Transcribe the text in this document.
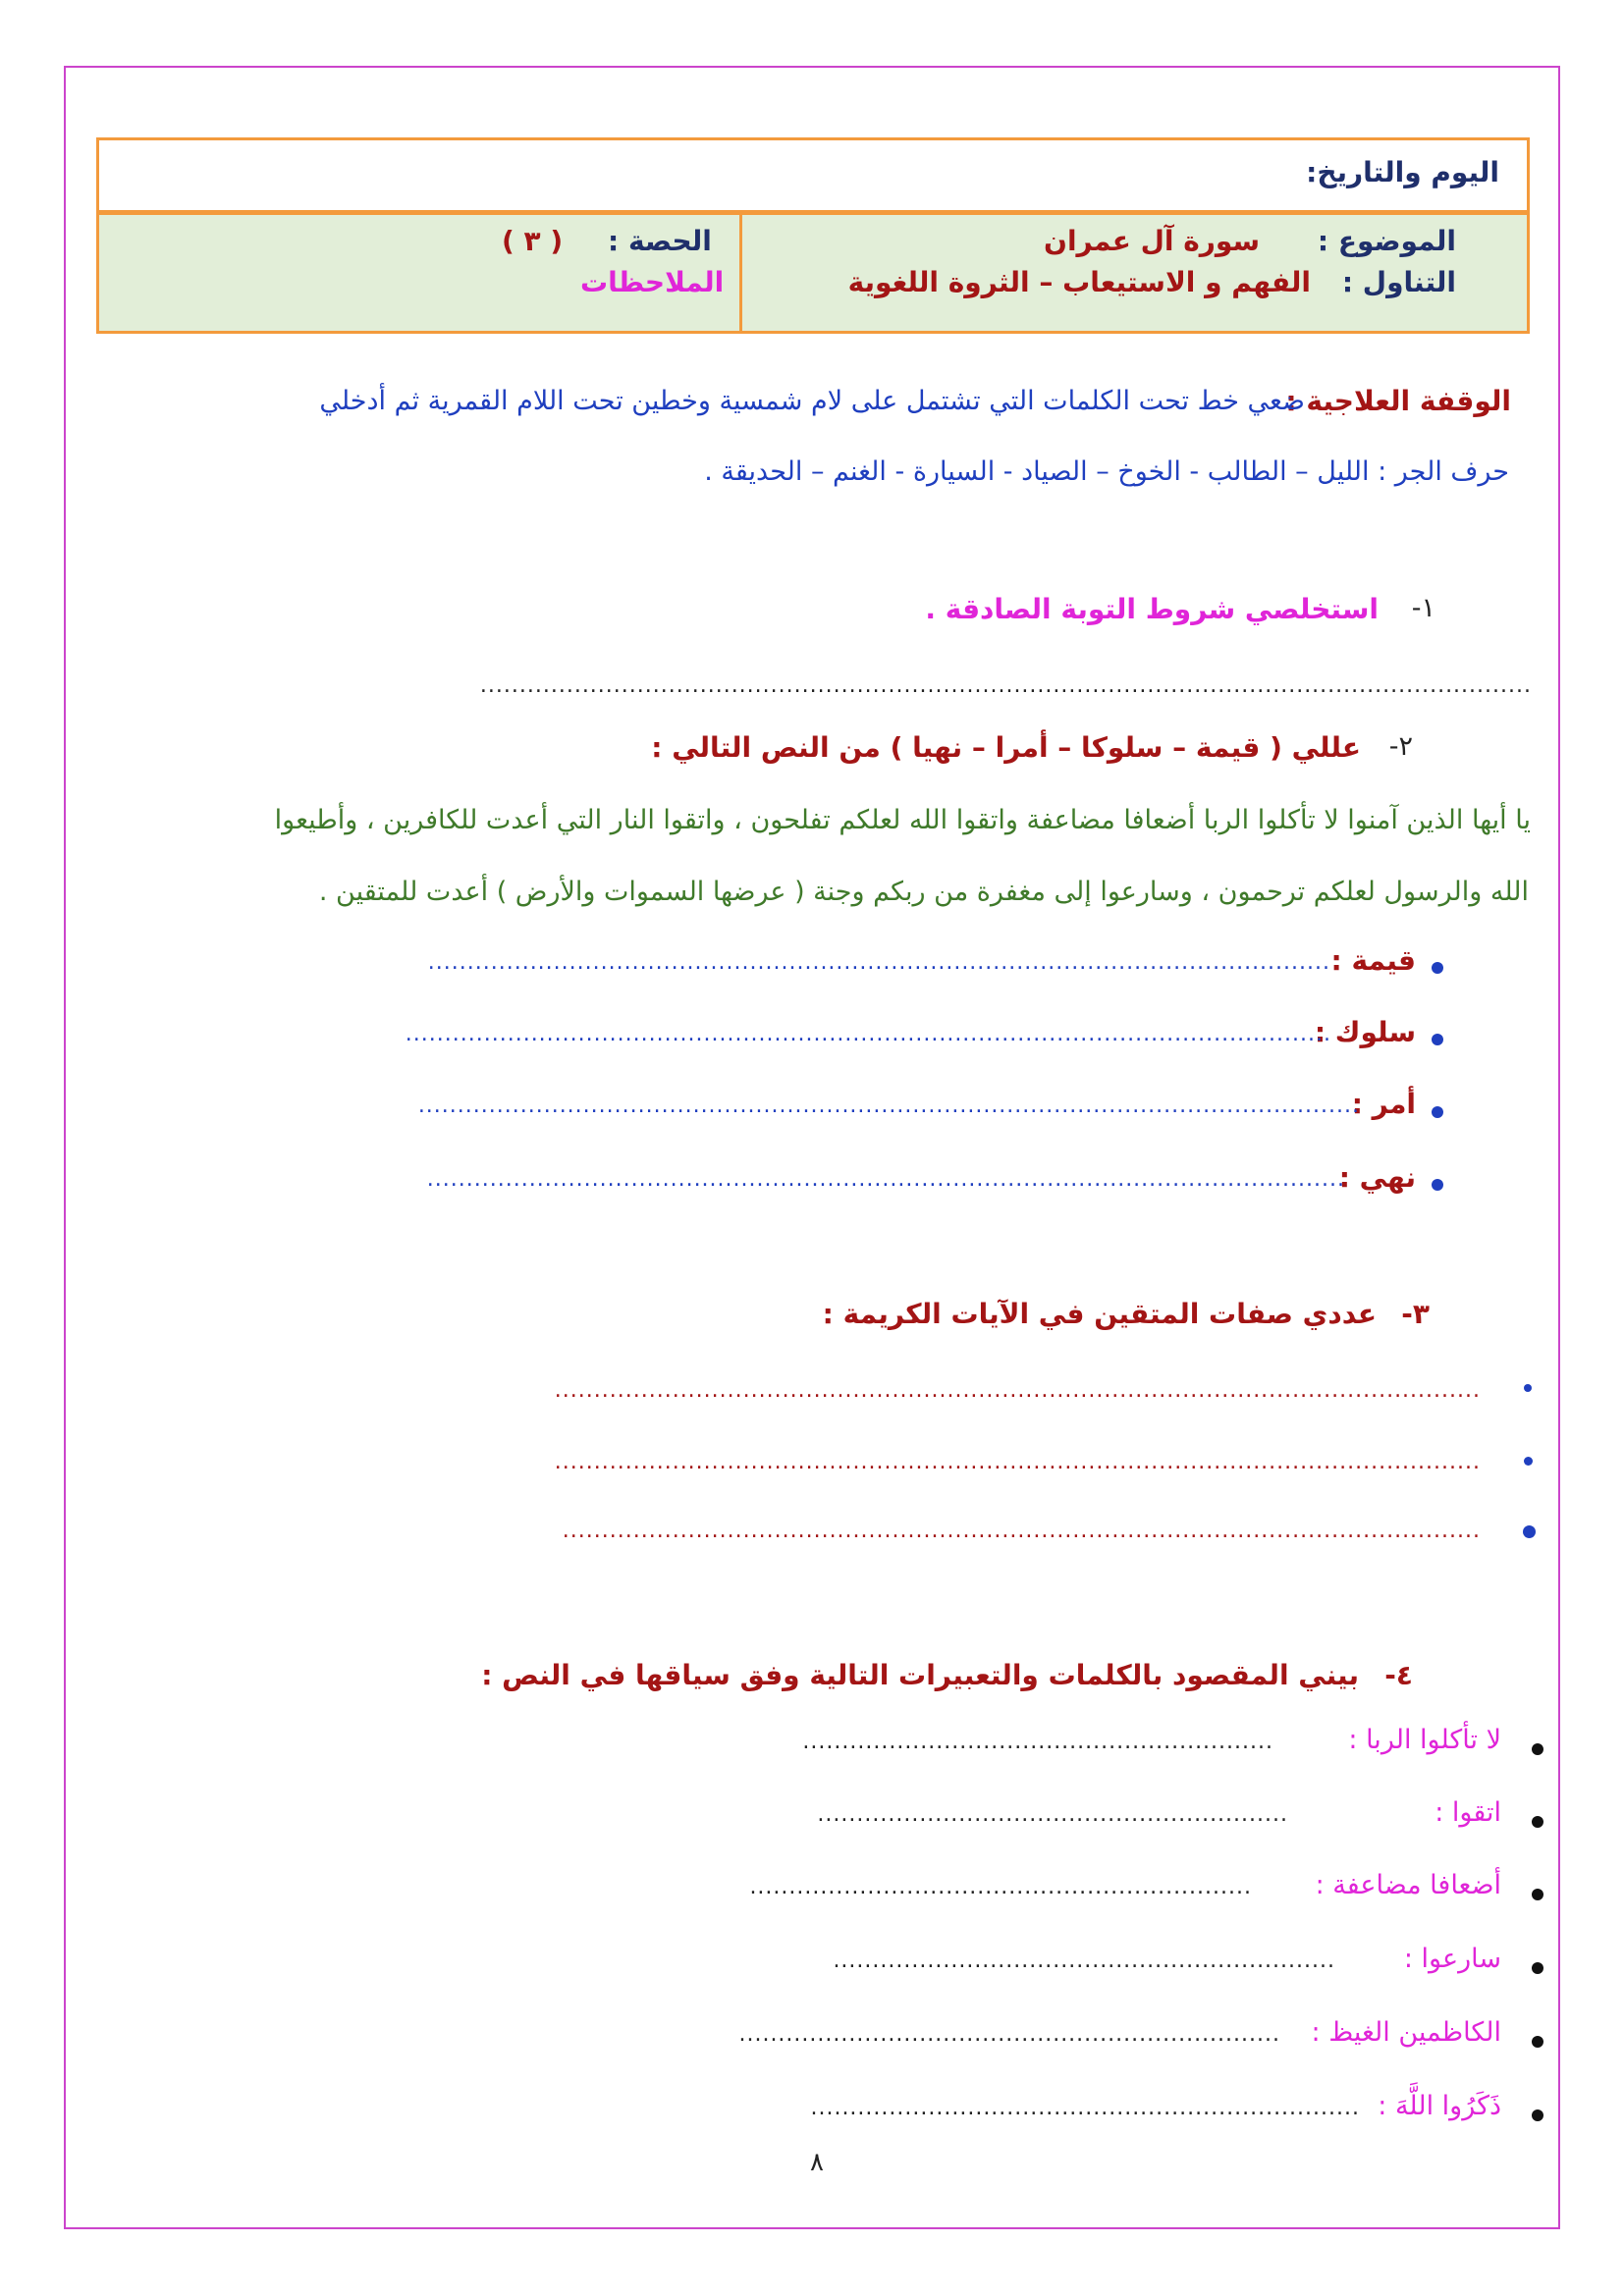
اليوم والتاريخ:
الموضوع :
سورة آل عمران
التناول :
الفهم و الاستيعاب – الثروة اللغوية
الحصة :
( ٣ )
الملاحظات
الوقفة العلاجية :
ضعي خط تحت الكلمات التي تشتمل على لام شمسية وخطين تحت اللام القمرية ثم أدخلي
حرف الجر : الليل – الطالب - الخوخ – الصياد - السيارة - الغنم – الحديقة .
١-
استخلصي شروط التوبة الصادقة .
......................................................................................................................................
٢-
عللي ( قيمة – سلوكا – أمرا – نهيا ) من النص التالي :
يا أيها الذين آمنوا لا تأكلوا الربا أضعافا مضاعفة واتقوا الله لعلكم تفلحون ، واتقوا النار التي أعدت للكافرين ، وأطيعوا
الله والرسول لعلكم ترحمون ، وسارعوا إلى مغفرة من ربكم وجنة ( عرضها السموات والأرض ) أعدت للمتقين .
قيمة :
...................................................................................................................
سلوك :
......................................................................................................................
أمر :
........................................................................................................................
نهي :
.....................................................................................................................
٣-
عددي صفات المتقين في الآيات الكريمة :
......................................................................................................................
......................................................................................................................
.....................................................................................................................
٤-
بيني المقصود بالكلمات والتعبيرات التالية وفق سياقها في النص :
لا تأكلوا الربا :
............................................................
اتقوا :
............................................................
أضعافا مضاعفة :
................................................................
سارعوا :
................................................................
الكاظمين الغيظ :
.....................................................................
ذَكَرُوا اللَّهَ :
......................................................................
٨
